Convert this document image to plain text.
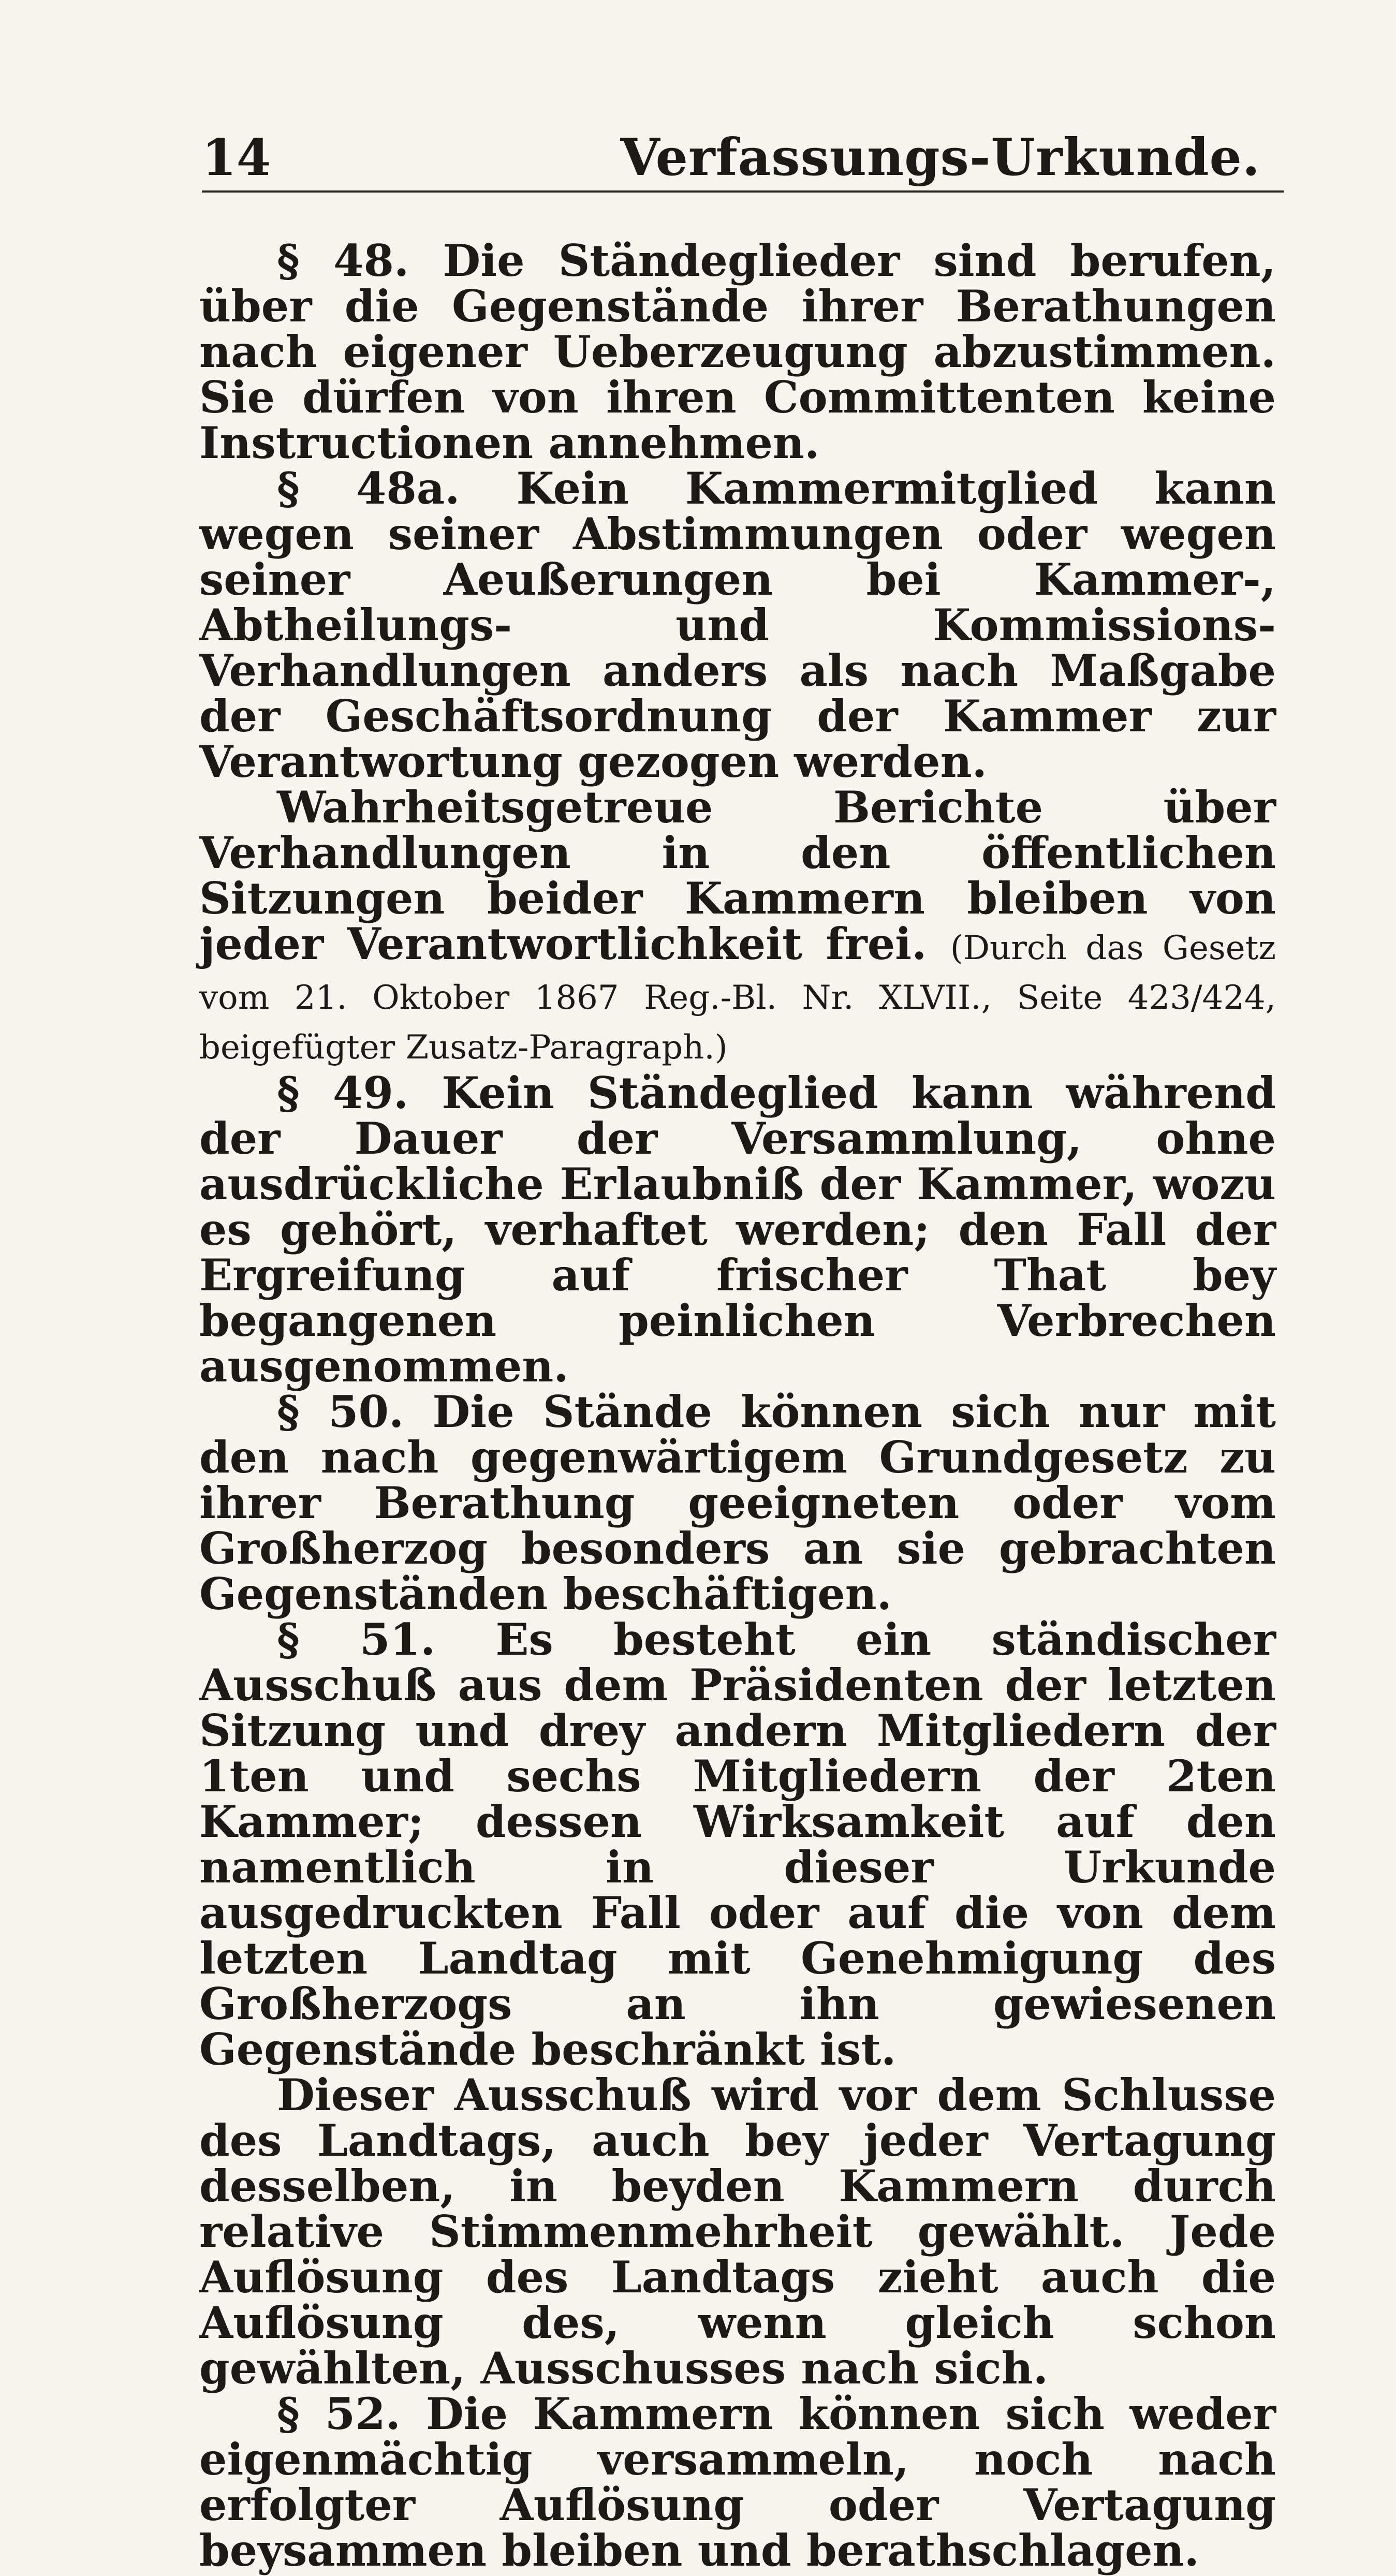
14	Verfassungs-Urkunde.

§ 48. Die Ständeglieder sind berufen, über die Gegenstände ihrer Berathungen nach eigener Ueberzeugung abzustimmen. Sie dürfen von ihren Committenten keine Instructionen annehmen.

§ 48a. Kein Kammermitglied kann wegen seiner Abstimmungen oder wegen seiner Aeußerungen bei Kammer-, Abtheilungs- und Kommissions-Verhandlungen anders als nach Maßgabe der Geschäftsordnung der Kammer zur Verantwortung gezogen werden.

Wahrheitsgetreue Berichte über Verhandlungen in den öffentlichen Sitzungen beider Kammern bleiben von jeder Verantwortlichkeit frei. (Durch das Gesetz vom 21. Oktober 1867 Reg.-Bl. Nr. XLVII., Seite 423/424, beigefügter Zusatz-Paragraph.)

§ 49. Kein Ständeglied kann während der Dauer der Versammlung, ohne ausdrückliche Erlaubniß der Kammer, wozu es gehört, verhaftet werden; den Fall der Ergreifung auf frischer That bey begangenen peinlichen Verbrechen ausgenommen.

§ 50. Die Stände können sich nur mit den nach gegenwärtigem Grundgesetz zu ihrer Berathung geeigneten oder vom Großherzog besonders an sie gebrachten Gegenständen beschäftigen.

§ 51. Es besteht ein ständischer Ausschuß aus dem Präsidenten der letzten Sitzung und drey andern Mitgliedern der 1ten und sechs Mitgliedern der 2ten Kammer; dessen Wirksamkeit auf den namentlich in dieser Urkunde ausgedruckten Fall oder auf die von dem letzten Landtag mit Genehmigung des Großherzogs an ihn gewiesenen Gegenstände beschränkt ist.

Dieser Ausschuß wird vor dem Schlusse des Landtags, auch bey jeder Vertagung desselben, in beyden Kammern durch relative Stimmenmehrheit gewählt. Jede Auflösung des Landtags zieht auch die Auflösung des, wenn gleich schon gewählten, Ausschusses nach sich.

§ 52. Die Kammern können sich weder eigenmächtig versammeln, noch nach erfolgter Auflösung oder Vertagung beysammen bleiben und berathschlagen.
